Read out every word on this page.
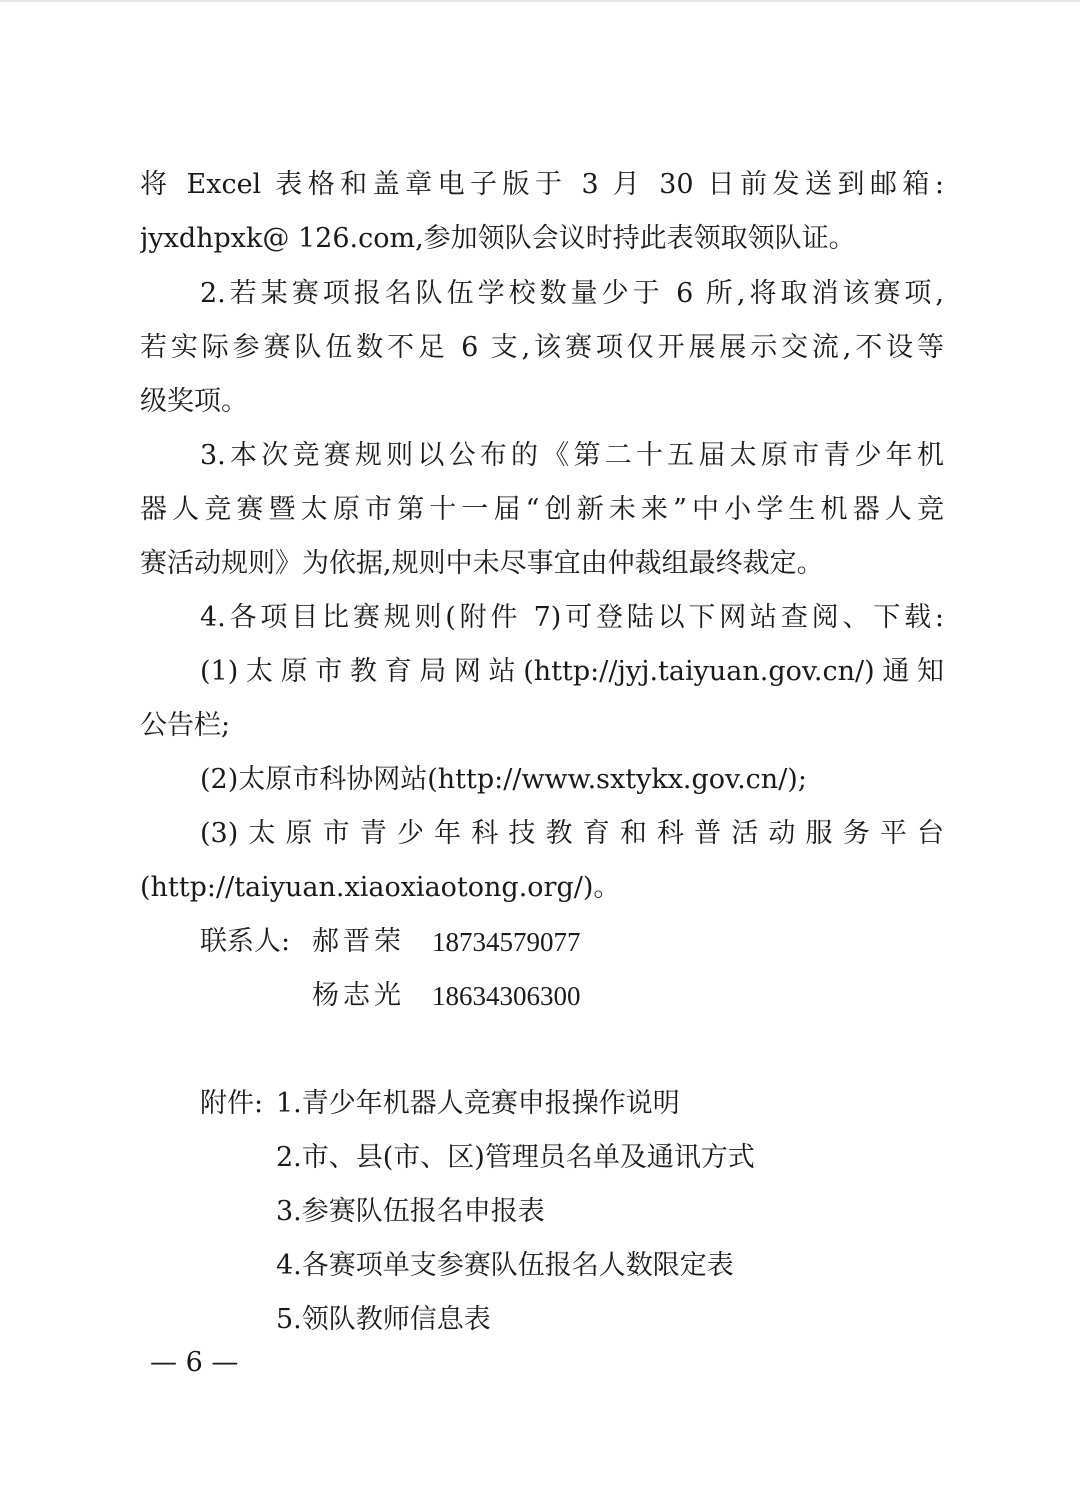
将 Excel 表格和盖章电子版于 3 月 30 日前发送到邮箱:
jyxdhpxk@ 126.com,参加领队会议时持此表领取领队证。
2.若某赛项报名队伍学校数量少于 6 所,将取消该赛项,
若实际参赛队伍数不足 6 支,该赛项仅开展展示交流,不设等
级奖项。
3.本次竞赛规则以公布的《第二十五届太原市青少年机
器人竞赛暨太原市第十一届“创新未来”中小学生机器人竞
赛活动规则》为依据,规则中未尽事宜由仲裁组最终裁定。
4.各项目比赛规则(附件 7)可登陆以下网站查阅、下载:
(1)太原市教育局网站(http://jyj.taiyuan.gov.cn/)通知
公告栏;
(2)太原市科协网站(http://www.sxtykx.gov.cn/);
(3)太原市青少年科技教育和科普活动服务平台
(http://taiyuan.xiaoxiaotong.org/)。
联系人: 郝晋荣 18734579077
杨志光 18634306300
附件: 1.青少年机器人竞赛申报操作说明
2.市、县(市、区)管理员名单及通讯方式
3.参赛队伍报名申报表
4.各赛项单支参赛队伍报名人数限定表
5.领队教师信息表
— 6 —
